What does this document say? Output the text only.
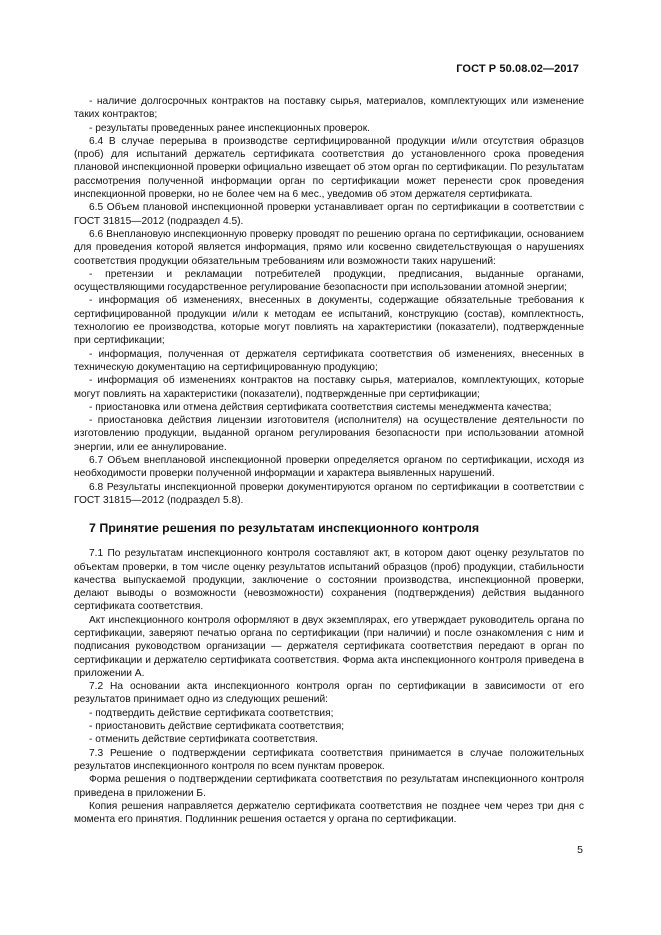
ГОСТ Р 50.08.02—2017

- наличие долгосрочных контрактов на поставку сырья, материалов, комплектующих или изменение таких контрактов;

- результаты проведенных ранее инспекционных проверок.

6.4 В случае перерыва в производстве сертифицированной продукции и/или отсутствия образцов (проб) для испытаний держатель сертификата соответствия до установленного срока проведения плановой инспекционной проверки официально извещает об этом орган по сертификации. По результатам рассмотрения полученной информации орган по сертификации может перенести срок проведения инспекционной проверки, но не более чем на 6 мес., уведомив об этом держателя сертификата.

6.5 Объем плановой инспекционной проверки устанавливает орган по сертификации в соответствии с ГОСТ 31815—2012 (подраздел 4.5).

6.6 Внеплановую инспекционную проверку проводят по решению органа по сертификации, основанием для проведения которой является информация, прямо или косвенно свидетельствующая о нарушениях соответствия продукции обязательным требованиям или возможности таких нарушений:

- претензии и рекламации потребителей продукции, предписания, выданные органами, осуществляющими государственное регулирование безопасности при использовании атомной энергии;

- информация об изменениях, внесенных в документы, содержащие обязательные требования к сертифицированной продукции и/или к методам ее испытаний, конструкцию (состав), комплектность, технологию ее производства, которые могут повлиять на характеристики (показатели), подтвержденные при сертификации;

- информация, полученная от держателя сертификата соответствия об изменениях, внесенных в техническую документацию на сертифицированную продукцию;

- информация об изменениях контрактов на поставку сырья, материалов, комплектующих, которые могут повлиять на характеристики (показатели), подтвержденные при сертификации;

- приостановка или отмена действия сертификата соответствия системы менеджмента качества;

- приостановка действия лицензии изготовителя (исполнителя) на осуществление деятельности по изготовлению продукции, выданной органом регулирования безопасности при использовании атомной энергии, или ее аннулирование.

6.7 Объем внеплановой инспекционной проверки определяется органом по сертификации, исходя из необходимости проверки полученной информации и характера выявленных нарушений.

6.8 Результаты инспекционной проверки документируются органом по сертификации в соответствии с ГОСТ 31815—2012 (подраздел 5.8).

7 Принятие решения по результатам инспекционного контроля

7.1 По результатам инспекционного контроля составляют акт, в котором дают оценку результатов по объектам проверки, в том числе оценку результатов испытаний образцов (проб) продукции, стабильности качества выпускаемой продукции, заключение о состоянии производства, инспекционной проверки, делают выводы о возможности (невозможности) сохранения (подтверждения) действия выданного сертификата соответствия.

Акт инспекционного контроля оформляют в двух экземплярах, его утверждает руководитель органа по сертификации, заверяют печатью органа по сертификации (при наличии) и после ознакомления с ним и подписания руководством организации — держателя сертификата соответствия передают в орган по сертификации и держателю сертификата соответствия. Форма акта инспекционного контроля приведена в приложении А.

7.2 На основании акта инспекционного контроля орган по сертификации в зависимости от его результатов принимает одно из следующих решений:

- подтвердить действие сертификата соответствия;

- приостановить действие сертификата соответствия;

- отменить действие сертификата соответствия.

7.3 Решение о подтверждении сертификата соответствия принимается в случае положительных результатов инспекционного контроля по всем пунктам проверок.

Форма решения о подтверждении сертификата соответствия по результатам инспекционного контроля приведена в приложении Б.

Копия решения направляется держателю сертификата соответствия не позднее чем через три дня с момента его принятия. Подлинник решения остается у органа по сертификации.

5
